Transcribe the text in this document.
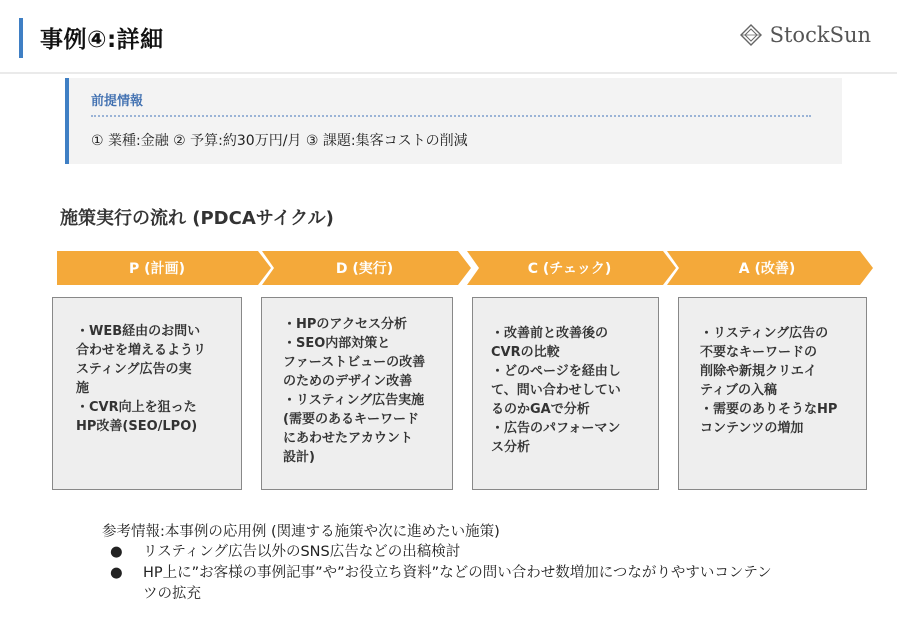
事例④:詳細	StockSun
前提情報
① 業種:金融 ② 予算:約30万円/月 ③ 課題:集客コストの削減
施策実行の流れ (PDCAサイクル)
P (計画)	D (実行)	C (チェック)	A (改善)
・WEB経由のお問い
合わせを増えるようリ
スティング広告の実
施
・CVR向上を狙った
HP改善(SEO/LPO)
・HPのアクセス分析
・SEO内部対策と
ファーストビューの改善
のためのデザイン改善
・リスティング広告実施
(需要のあるキーワード
にあわせたアカウント
設計)
・改善前と改善後の
CVRの比較
・どのページを経由し
て、問い合わせしてい
るのかGAで分析
・広告のパフォーマン
ス分析
・リスティング広告の
不要なキーワードの
削除や新規クリエイ
ティブの入稿
・需要のありそうなHP
コンテンツの増加
参考情報:本事例の応用例 (関連する施策や次に進めたい施策)
● リスティング広告以外のSNS広告などの出稿検討
● HP上に”お客様の事例記事”や”お役立ち資料”などの問い合わせ数増加につながりやすいコンテンツの拡充
